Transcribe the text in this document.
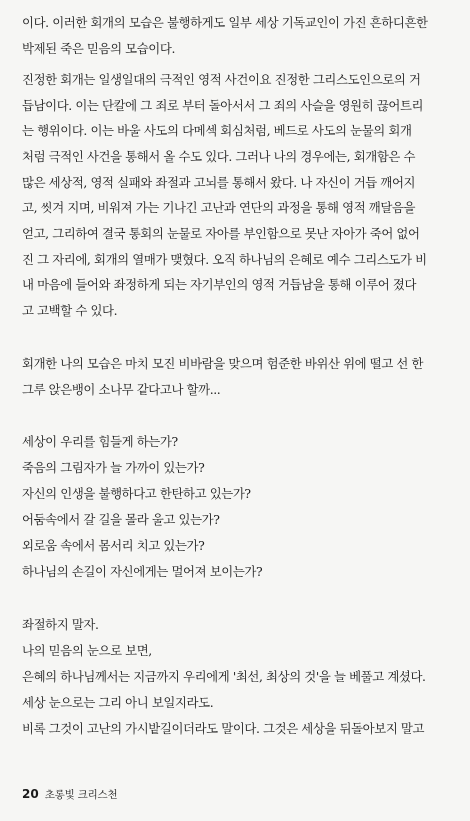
이다. 이러한 회개의 모습은 불행하게도 일부 세상 기독교인이 가진 흔하디흔한
박제된 죽은 믿음의 모습이다.
진정한 회개는 일생일대의 극적인 영적 사건이요 진정한 그리스도인으로의 거
듭남이다. 이는 단칼에 그 죄로 부터 돌아서서 그 죄의 사슬을 영원히 끊어트리
는 행위이다. 이는 바울 사도의 다메섹 회심처럼, 베드로 사도의 눈물의 회개
처럼 극적인 사건을 통해서 올 수도 있다. 그러나 나의 경우에는, 회개함은 수
많은 세상적, 영적 실패와 좌절과 고뇌를 통해서 왔다. 나 자신이 거듭 깨어지
고, 씻겨 지며, 비워져 가는 기나긴 고난과 연단의 과정을 통해 영적 깨달음을
얻고, 그리하여 결국 통회의 눈물로 자아를 부인함으로 못난 자아가 죽어 없어
진 그 자리에, 회개의 열매가 맺혔다. 오직 하나님의 은혜로 예수 그리스도가 비
내 마음에 들어와 좌정하게 되는 자기부인의 영적 거듭남을 통해 이루어 졌다
고 고백할 수 있다.
회개한 나의 모습은 마치 모진 비바람을 맞으며 험준한 바위산 위에 떨고 선 한
그루 앉은뱅이 소나무 같다고나 할까...
세상이 우리를 힘들게 하는가?
죽음의 그림자가 늘 가까이 있는가?
자신의 인생을 불행하다고 한탄하고 있는가?
어둠속에서 갈 길을 몰라 울고 있는가?
외로움 속에서 몸서리 치고 있는가?
하나님의 손길이 자신에게는 멀어져 보이는가?
좌절하지 말자.
나의 믿음의 눈으로 보면,
은혜의 하나님께서는 지금까지 우리에게 '최선, 최상의 것'을 늘 베풀고 계셨다.
세상 눈으로는 그리 아니 보일지라도.
비록 그것이 고난의 가시밭길이더라도 말이다. 그것은 세상을 뒤돌아보지 말고
20 초롱빛 크리스천
